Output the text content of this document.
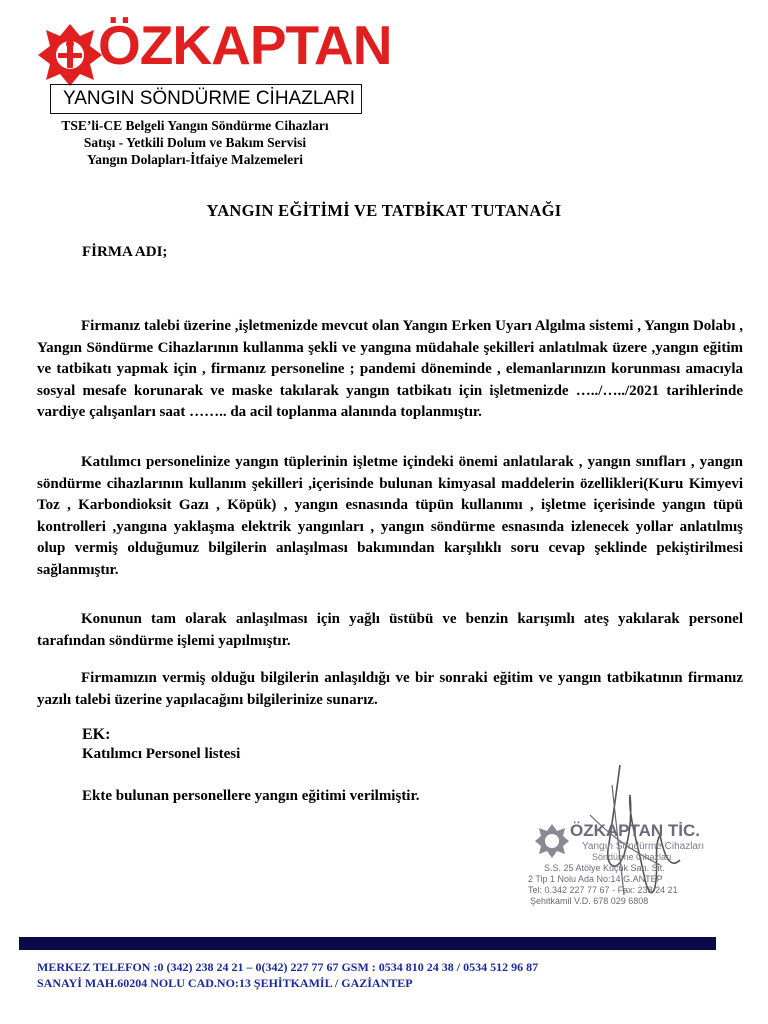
ÖZKAPTAN
YANGIN SÖNDÜRME CİHAZLARI
TSE’li-CE Belgeli Yangın Söndürme Cihazları
Satışı - Yetkili Dolum ve Bakım Servisi
Yangın Dolapları-İtfaiye Malzemeleri
YANGIN EĞİTİMİ VE TATBİKAT TUTANAĞI
FİRMA ADI;
Firmanız talebi üzerine ,işletmenizde mevcut olan Yangın Erken Uyarı Algılma sistemi , Yangın Dolabı , Yangın Söndürme Cihazlarının kullanma şekli ve yangına müdahale şekilleri anlatılmak üzere ,yangın eğitim ve tatbikatı yapmak için , firmanız personeline ; pandemi döneminde , elemanlarınızın korunması amacıyla sosyal mesafe korunarak ve maske takılarak yangın tatbikatı için işletmenizde …../…../2021 tarihlerinde vardiye çalışanları saat …….. da acil toplanma alanında toplanmıştır.
Katılımcı personelinize yangın tüplerinin işletme içindeki önemi anlatılarak , yangın sınıfları , yangın söndürme cihazlarının kullanım şekilleri ,içerisinde bulunan kimyasal maddelerin özellikleri(Kuru Kimyevi Toz , Karbondioksit Gazı , Köpük) , yangın esnasında tüpün kullanımı , işletme içerisinde yangın tüpü kontrolleri ,yangına yaklaşma elektrik yangınları , yangın söndürme esnasında izlenecek yollar anlatılmış olup vermiş olduğumuz bilgilerin anlaşılması bakımından karşılıklı soru cevap şeklinde pekiştirilmesi sağlanmıştır.
Konunun tam olarak anlaşılması için yağlı üstübü ve benzin karışımlı ateş yakılarak personel tarafından söndürme işlemi yapılmıştır.
Firmamızın vermiş olduğu bilgilerin anlaşıldığı ve bir sonraki eğitim ve yangın tatbikatının firmanız yazılı talebi üzerine yapılacağını bilgilerinize sunarız.
EK:
Katılımcı Personel listesi
Ekte bulunan personellere yangın eğitimi verilmiştir.
ÖZKAPTAN TİC.
Yangın Söndürme Cihazları
Söndürme Cihazları
S.S. 25 Atölye Küçük San. Sit.
2 Tip 1 Nolu Ada No:14 G.ANTEP
Tel: 0.342 227 77 67 - Fax: 238 24 21
Şehitkamil V.D. 678 029 6808
MERKEZ TELEFON :0 (342) 238 24 21 – 0(342) 227 77 67 GSM : 0534 810 24 38 / 0534 512 96 87
SANAYİ MAH.60204 NOLU CAD.NO:13 ŞEHİTKAMİL / GAZİANTEP
